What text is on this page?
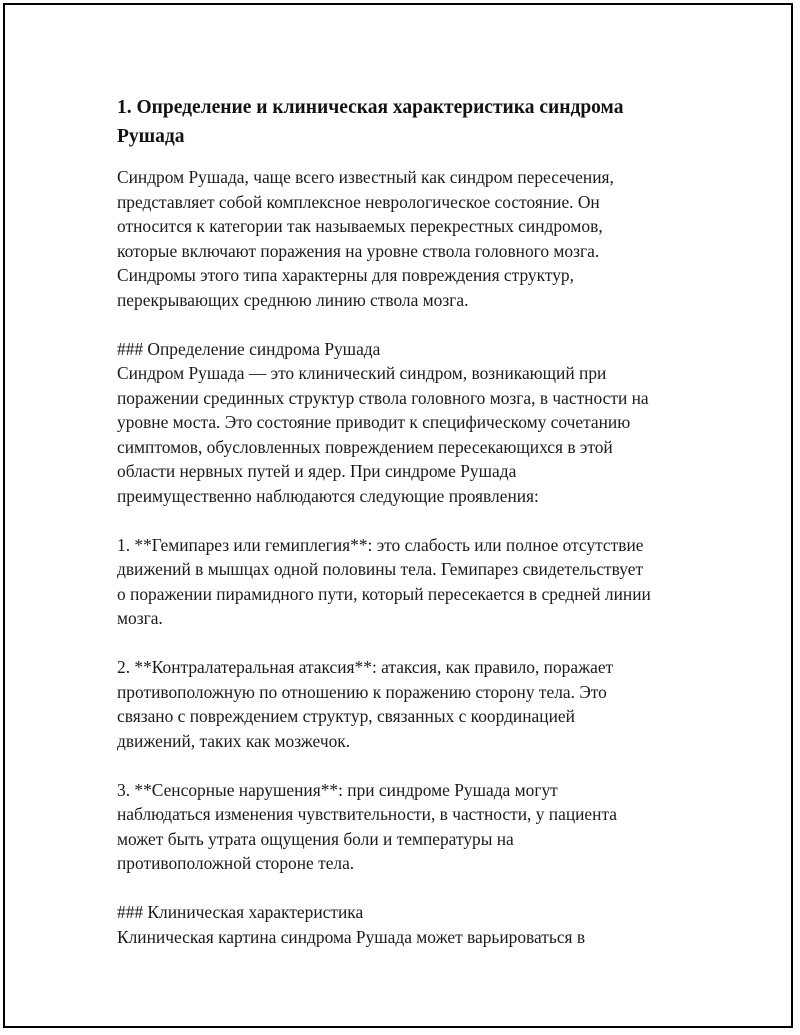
1. Определение и клиническая характеристика синдрома
Рушада

Синдром Рушада, чаще всего известный как синдром пересечения,
представляет собой комплексное неврологическое состояние. Он
относится к категории так называемых перекрестных синдромов,
которые включают поражения на уровне ствола головного мозга.
Синдромы этого типа характерны для повреждения структур,
перекрывающих среднюю линию ствола мозга.

### Определение синдрома Рушада
Синдром Рушада — это клинический синдром, возникающий при
поражении срединных структур ствола головного мозга, в частности на
уровне моста. Это состояние приводит к специфическому сочетанию
симптомов, обусловленных повреждением пересекающихся в этой
области нервных путей и ядер. При синдроме Рушада
преимущественно наблюдаются следующие проявления:

1. **Гемипарез или гемиплегия**: это слабость или полное отсутствие
движений в мышцах одной половины тела. Гемипарез свидетельствует
о поражении пирамидного пути, который пересекается в средней линии
мозга.

2. **Контралатеральная атаксия**: атаксия, как правило, поражает
противоположную по отношению к поражению сторону тела. Это
связано с повреждением структур, связанных с координацией
движений, таких как мозжечок.

3. **Сенсорные нарушения**: при синдроме Рушада могут
наблюдаться изменения чувствительности, в частности, у пациента
может быть утрата ощущения боли и температуры на
противоположной стороне тела.

### Клиническая характеристика
Клиническая картина синдрома Рушада может варьироваться в
